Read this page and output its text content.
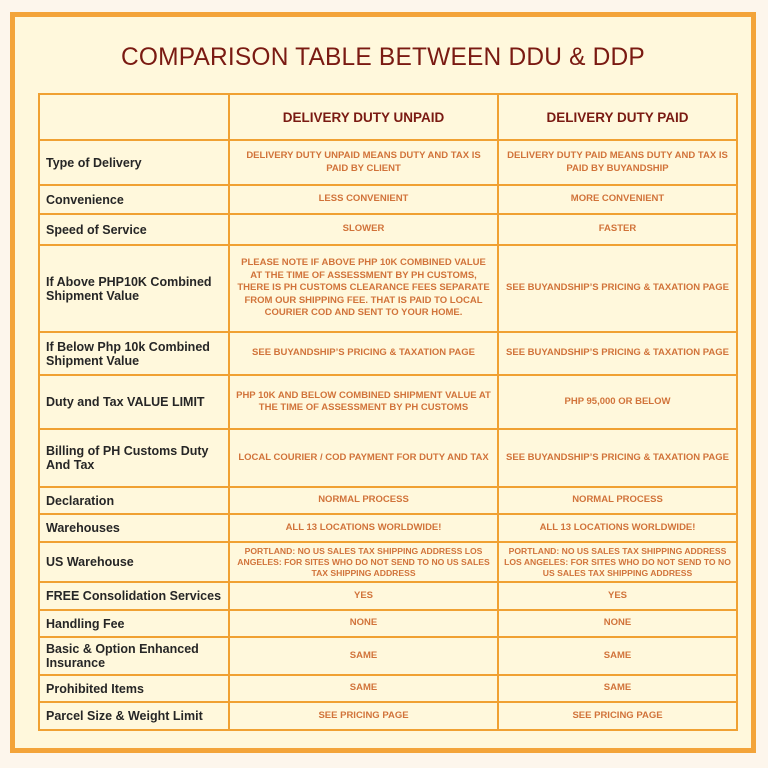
COMPARISON TABLE BETWEEN DDU & DDP
	DELIVERY DUTY UNPAID	DELIVERY DUTY PAID
Type of Delivery	DELIVERY DUTY UNPAID MEANS DUTY AND TAX IS PAID BY CLIENT	DELIVERY DUTY PAID MEANS DUTY AND TAX IS PAID BY BUYANDSHIP
Convenience	LESS CONVENIENT	MORE CONVENIENT
Speed of Service	SLOWER	FASTER
If Above PHP10K Combined Shipment Value	PLEASE NOTE IF ABOVE PHP 10K COMBINED VALUE AT THE TIME OF ASSESSMENT BY PH CUSTOMS, THERE IS PH CUSTOMS CLEARANCE FEES SEPARATE FROM OUR SHIPPING FEE. THAT IS PAID TO LOCAL COURIER COD AND SENT TO YOUR HOME.	SEE BUYANDSHIP’S PRICING & TAXATION PAGE
If Below Php 10k Combined Shipment Value	SEE BUYANDSHIP’S PRICING & TAXATION PAGE	SEE BUYANDSHIP’S PRICING & TAXATION PAGE
Duty and Tax VALUE LIMIT	PHP 10K AND BELOW COMBINED SHIPMENT VALUE AT THE TIME OF ASSESSMENT BY PH CUSTOMS	PHP 95,000 OR BELOW
Billing of PH Customs Duty And Tax	LOCAL COURIER / COD PAYMENT FOR DUTY AND TAX	SEE BUYANDSHIP’S PRICING & TAXATION PAGE
Declaration	NORMAL PROCESS	NORMAL PROCESS
Warehouses	ALL 13 LOCATIONS WORLDWIDE!	ALL 13 LOCATIONS WORLDWIDE!
US Warehouse	PORTLAND: NO US SALES TAX SHIPPING ADDRESS LOS ANGELES: FOR SITES WHO DO NOT SEND TO NO US SALES TAX SHIPPING ADDRESS	PORTLAND: NO US SALES TAX SHIPPING ADDRESS LOS ANGELES: FOR SITES WHO DO NOT SEND TO NO US SALES TAX SHIPPING ADDRESS
FREE Consolidation Services	YES	YES
Handling Fee	NONE	NONE
Basic & Option Enhanced Insurance	SAME	SAME
Prohibited Items	SAME	SAME
Parcel Size & Weight Limit	SEE PRICING PAGE	SEE PRICING PAGE
